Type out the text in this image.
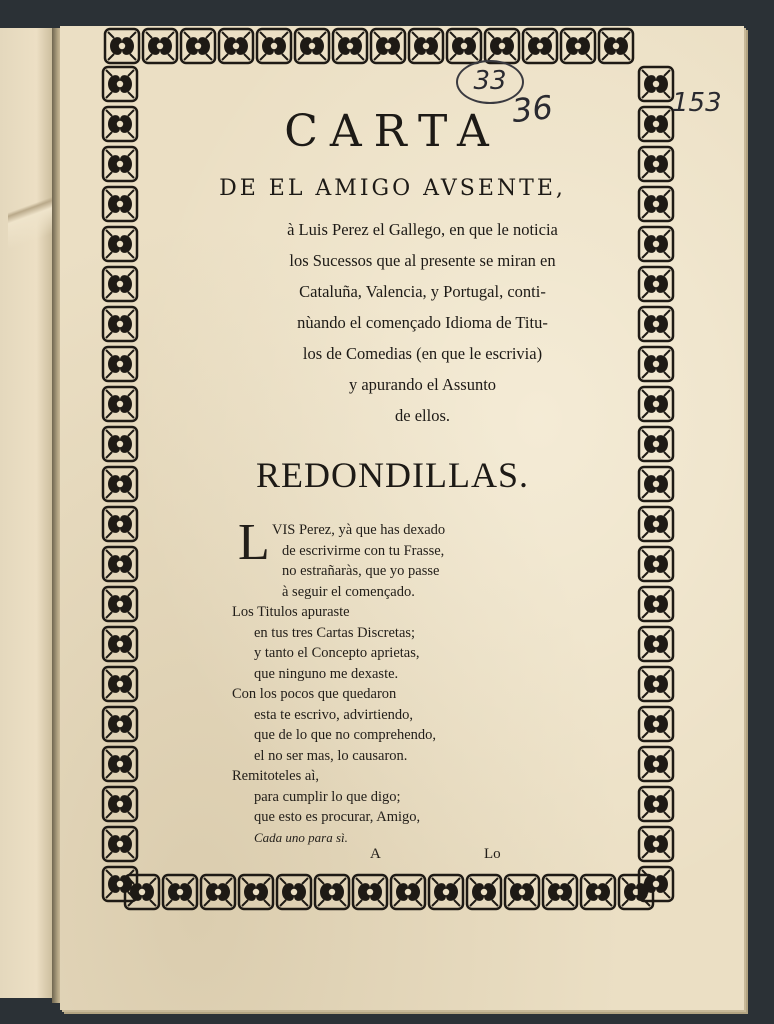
33
36	153
CARTA
DE EL AMIGO AVSENTE,
à Luis Perez el Gallego, en que le noticia
los Sucessos que al presente se miran en
Cataluña, Valencia, y Portugal, conti-
nùando el començado Idioma de Titu-
los de Comedias (en que le escrivia)
y apurando el Assunto
de ellos.
REDONDILLAS.
L VIS Perez, yà que has dexado
de escrivirme con tu Frasse,
no estrañaràs, que yo passe
à seguir el començado.
Los Titulos apuraste
en tus tres Cartas Discretas;
y tanto el Concepto aprietas,
que ninguno me dexaste.
Con los pocos que quedaron
esta te escrivo, advirtiendo,
que de lo que no comprehendo,
el no ser mas, lo causaron.
Remitoteles aì,
para cumplir lo que digo;
que esto es procurar, Amigo,
Cada uno para sì.
A	Lo
